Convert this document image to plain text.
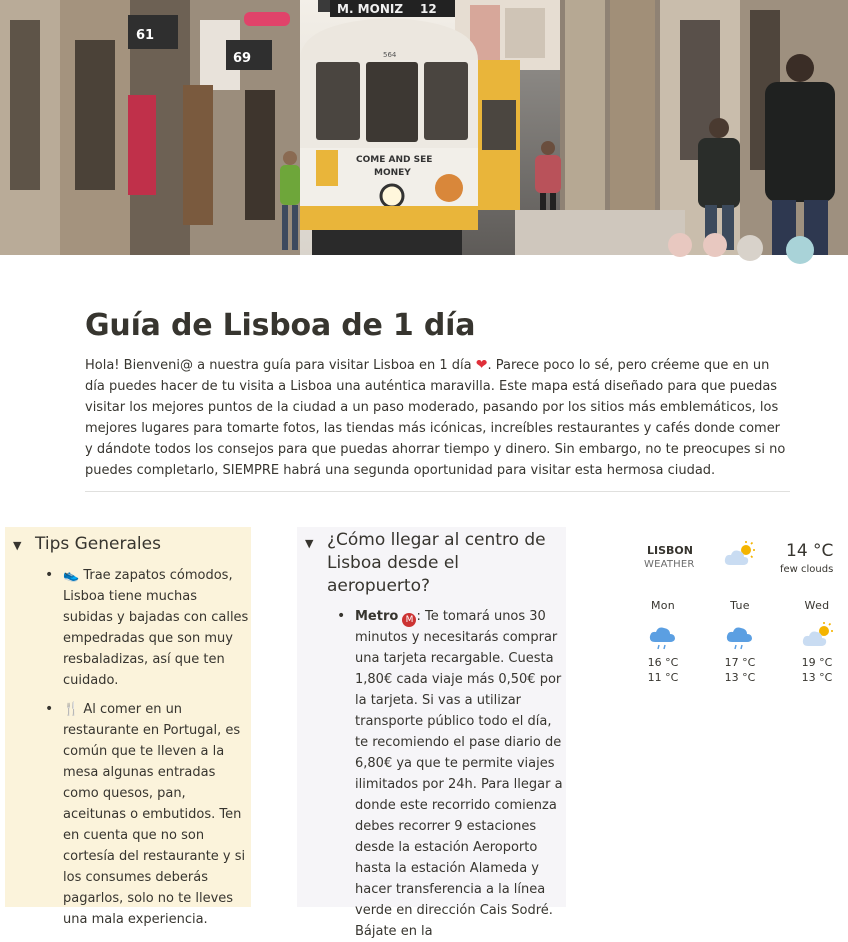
61
69
M. MONIZ 12
564
COME AND SEE
MONEY
Guía de Lisboa de 1 día

Hola! Bienveni@ a nuestra guía para visitar Lisboa en 1 día ❤. Parece poco lo sé, pero créeme que en un día puedes hacer de tu visita a Lisboa una auténtica maravilla. Este mapa está diseñado para que puedas visitar los mejores puntos de la ciudad a un paso moderado, pasando por los sitios más emblemáticos, los mejores lugares para tomarte fotos, las tiendas más icónicas, increíbles restaurantes y cafés donde comer y dándote todos los consejos para que puedas ahorrar tiempo y dinero. Sin embargo, no te preocupes si no puedes completarlo, SIEMPRE habrá una segunda oportunidad para visitar esta hermosa ciudad.

▼ Tips Generales
• 👟 Trae zapatos cómodos, Lisboa tiene muchas subidas y bajadas con calles empedradas que son muy resbaladizas, así que ten cuidado.
• 🍴 Al comer en un restaurante en Portugal, es común que te lleven a la mesa algunas entradas como quesos, pan, aceitunas o embutidos. Ten en cuenta que no son cortesía del restaurante y si los consumes deberás pagarlos, solo no te lleves una mala experiencia.
▼ ¿Cómo llegar al centro de Lisboa desde el aeropuerto?
• Metro M : Te tomará unos 30 minutos y necesitarás comprar una tarjeta recargable. Cuesta 1,80€ cada viaje más 0,50€ por la tarjeta. Si vas a utilizar transporte público todo el día, te recomiendo el pase diario de 6,80€ ya que te permite viajes ilimitados por 24h. Para llegar a donde este recorrido comienza debes recorrer 9 estaciones desde la estación Aeroporto hasta la estación Alameda y hacer transferencia a la línea verde en dirección Cais Sodré. Bájate en la
LISBON
WEATHER
14 °C
few clouds
Mon
16 °C
11 °C
Tue
17 °C
13 °C
Wed
19 °C
13 °C
